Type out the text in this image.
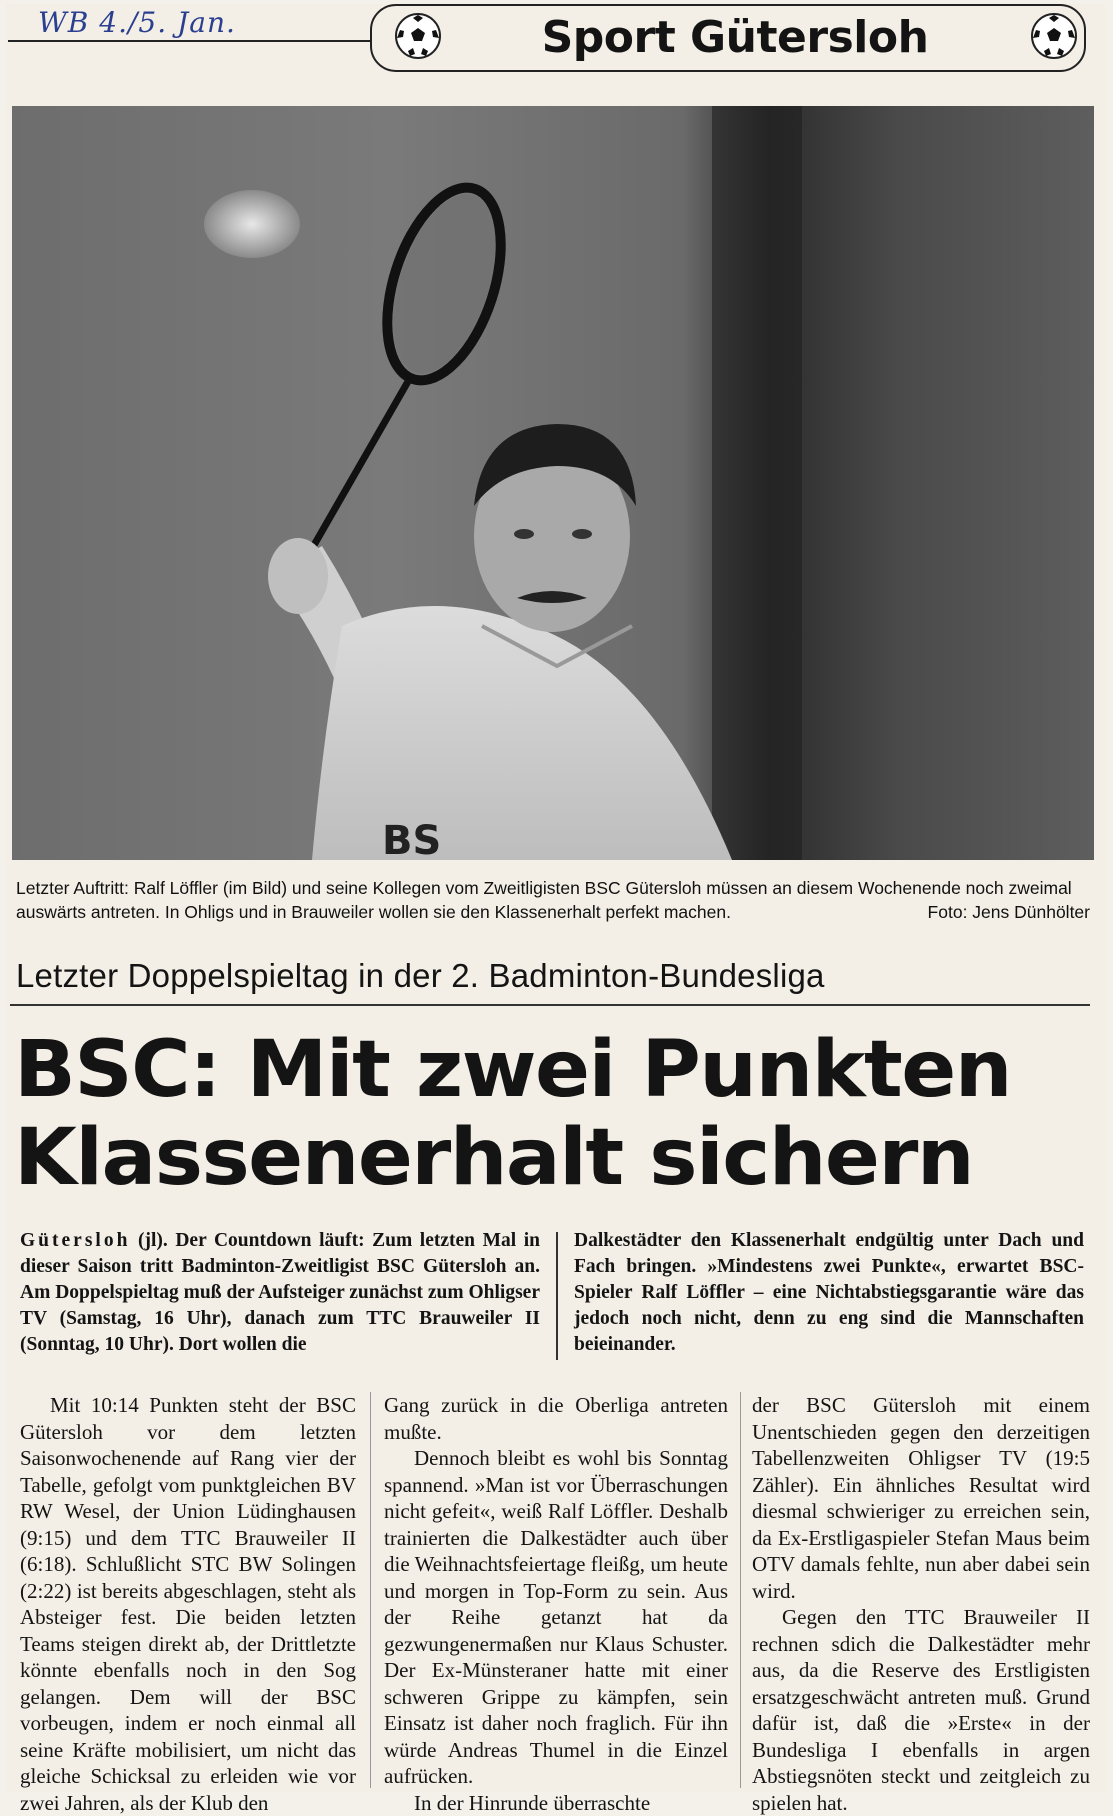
WB 4./5. Jan.	Sport Gütersloh
BS
Letzter Auftritt: Ralf Löffler (im Bild) und seine Kollegen vom Zweitligisten BSC Gütersloh müssen an diesem Wochenende noch zweimal auswärts antreten. In Ohligs und in Brauweiler wollen sie den Klassenerhalt perfekt machen.	Foto: Jens Dünhölter
Letzter Doppelspieltag in der 2. Badminton-Bundesliga
BSC: Mit zwei Punkten
Klassenerhalt sichern
Gütersloh (jl). Der Countdown läuft: Zum letzten Mal in dieser Saison tritt Badminton-Zweitligist BSC Gütersloh an. Am Doppelspieltag muß der Aufsteiger zunächst zum Ohligser TV (Samstag, 16 Uhr), danach zum TTC Brauweiler II (Sonntag, 10 Uhr). Dort wollen die
Dalkestädter den Klassenerhalt endgültig unter Dach und Fach bringen. »Mindestens zwei Punkte«, erwartet BSC-Spieler Ralf Löffler – eine Nichtabstiegsgarantie wäre das jedoch noch nicht, denn zu eng sind die Mannschaften beieinander.

Mit 10:14 Punkten steht der BSC Gütersloh vor dem letzten Saisonwochenende auf Rang vier der Tabelle, gefolgt vom punktgleichen BV RW Wesel, der Union Lüdinghausen (9:15) und dem TTC Brauweiler II (6:18). Schlußlicht STC BW Solingen (2:22) ist bereits abgeschlagen, steht als Absteiger fest. Die beiden letzten Teams steigen direkt ab, der Drittletzte könnte ebenfalls noch in den Sog gelangen. Dem will der BSC vorbeugen, indem er noch einmal all seine Kräfte mobilisiert, um nicht das gleiche Schicksal zu erleiden wie vor zwei Jahren, als der Klub den

Gang zurück in die Oberliga antreten mußte.

Dennoch bleibt es wohl bis Sonntag spannend. »Man ist vor Überraschungen nicht gefeit«, weiß Ralf Löffler. Deshalb trainierten die Dalkestädter auch über die Weihnachtsfeiertage fleißg, um heute und morgen in Top-Form zu sein. Aus der Reihe getanzt hat da gezwungenermaßen nur Klaus Schuster. Der Ex-Münsteraner hatte mit einer schweren Grippe zu kämpfen, sein Einsatz ist daher noch fraglich. Für ihn würde Andreas Thumel in die Einzel aufrücken.

In der Hinrunde überraschte

der BSC Gütersloh mit einem Unentschieden gegen den derzeitigen Tabellenzweiten Ohligser TV (19:5 Zähler). Ein ähnliches Resultat wird diesmal schwieriger zu erreichen sein, da Ex-Erstligaspieler Stefan Maus beim OTV damals fehlte, nun aber dabei sein wird.

Gegen den TTC Brauweiler II rechnen sdich die Dalkestädter mehr aus, da die Reserve des Erstligisten ersatzgeschwächt antreten muß. Grund dafür ist, daß die »Erste« in der Bundesliga I ebenfalls in argen Abstiegsnöten steckt und zeitgleich zu spielen hat.
